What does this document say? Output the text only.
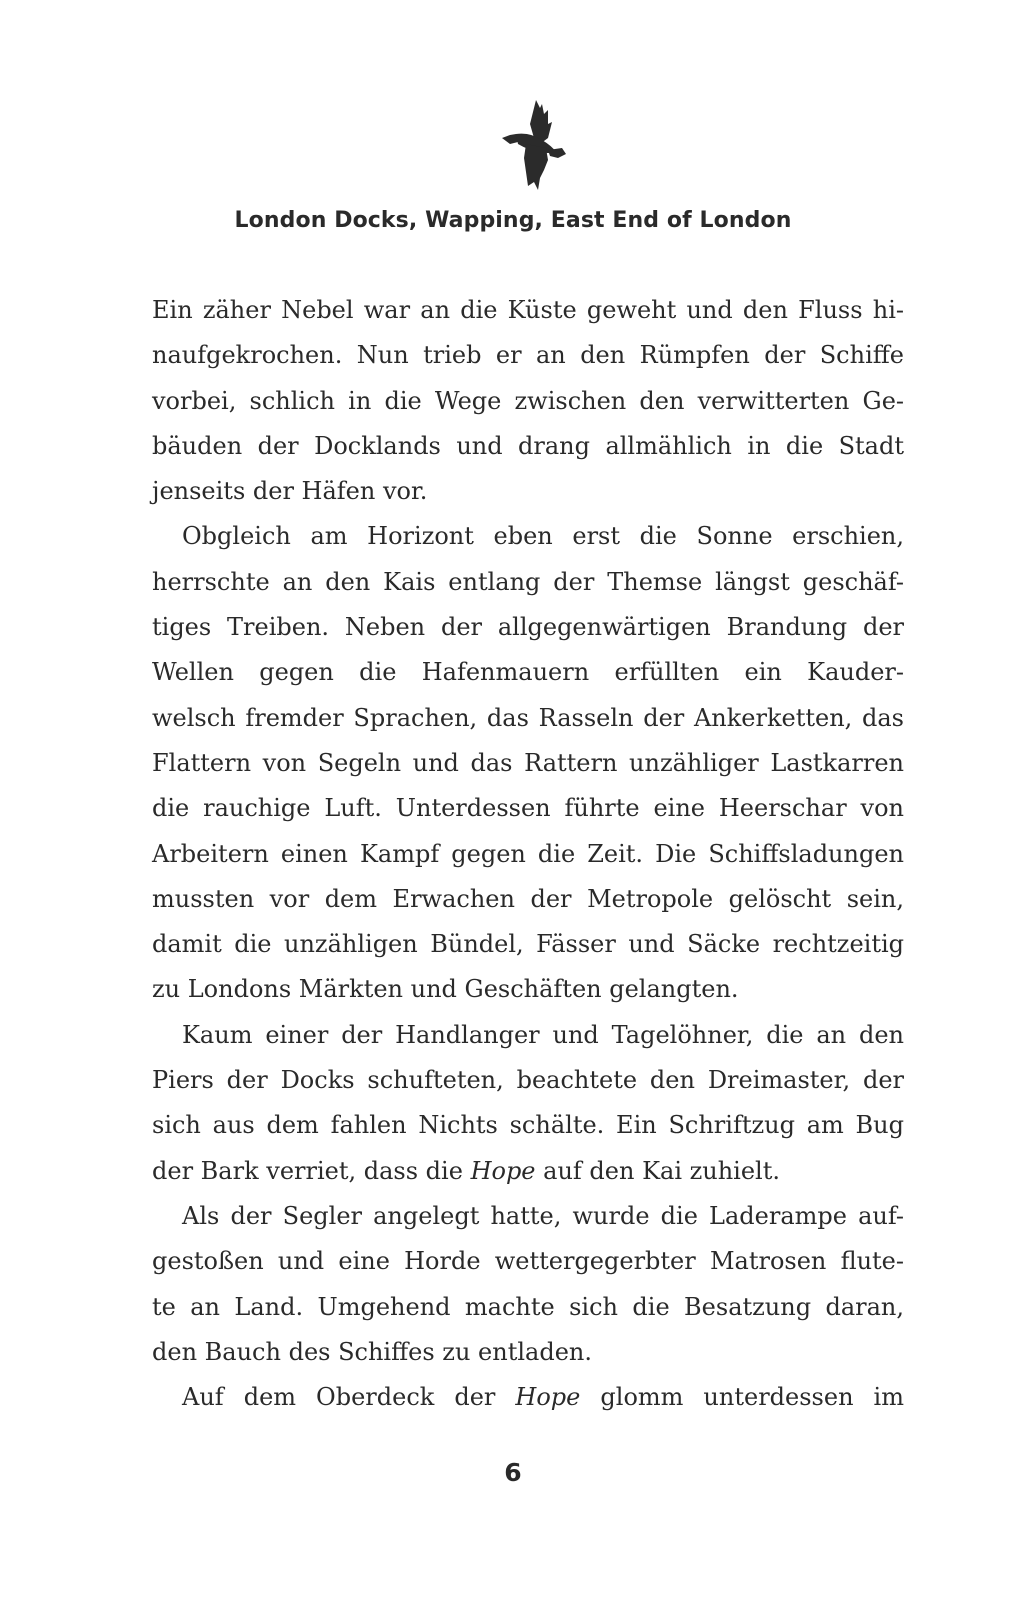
London Docks, Wapping, East End of London
Ein zäher Nebel war an die Küste geweht und den Fluss hi-
naufgekrochen. Nun trieb er an den Rümpfen der Schiffe
vorbei, schlich in die Wege zwischen den verwitterten Ge-
bäuden der Docklands und drang allmählich in die Stadt
jenseits der Häfen vor.
Obgleich am Horizont eben erst die Sonne erschien,
herrschte an den Kais entlang der Themse längst geschäf-
tiges Treiben. Neben der allgegenwärtigen Brandung der
Wellen gegen die Hafenmauern erfüllten ein Kauder-
welsch fremder Sprachen, das Rasseln der Ankerketten, das
Flattern von Segeln und das Rattern unzähliger Lastkarren
die rauchige Luft. Unterdessen führte eine Heerschar von
Arbeitern einen Kampf gegen die Zeit. Die Schiffsladungen
mussten vor dem Erwachen der Metropole gelöscht sein,
damit die unzähligen Bündel, Fässer und Säcke rechtzeitig
zu Londons Märkten und Geschäften gelangten.
Kaum einer der Handlanger und Tagelöhner, die an den
Piers der Docks schufteten, beachtete den Dreimaster, der
sich aus dem fahlen Nichts schälte. Ein Schriftzug am Bug
der Bark verriet, dass die Hope auf den Kai zuhielt.
Als der Segler angelegt hatte, wurde die Laderampe auf-
gestoßen und eine Horde wettergegerbter Matrosen flute-
te an Land. Umgehend machte sich die Besatzung daran,
den Bauch des Schiffes zu entladen.
Auf dem Oberdeck der Hope glomm unterdessen im
6
